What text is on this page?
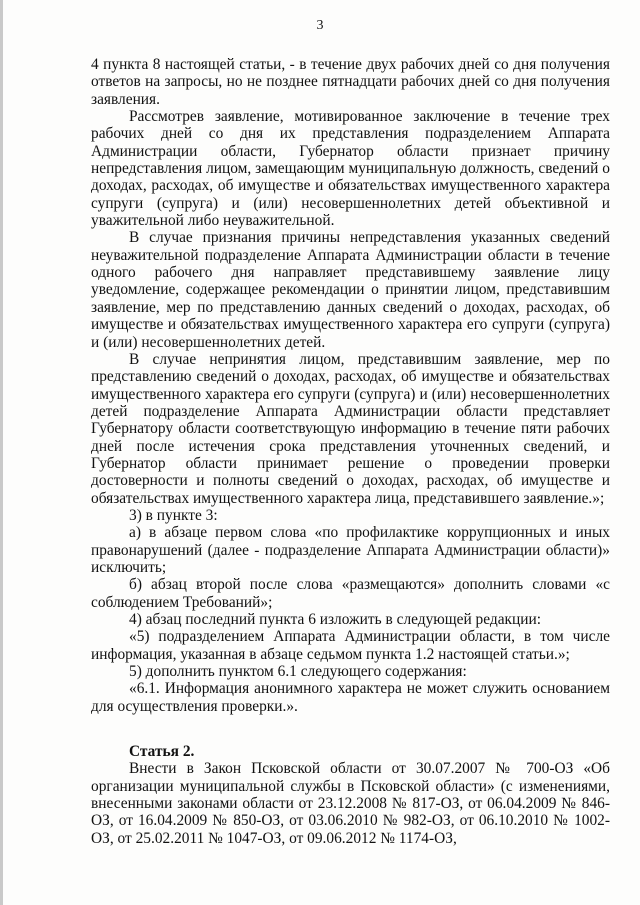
3

4 пункта 8 настоящей статьи, - в течение двух рабочих дней со дня получения ответов на запросы, но не позднее пятнадцати рабочих дней со дня получения заявления.

Рассмотрев заявление, мотивированное заключение в течение трех рабочих дней со дня их представления подразделением Аппарата Администрации области, Губернатор области признает причину непредставления лицом, замещающим муниципальную должность, сведений о доходах, расходах, об имуществе и обязательствах имущественного характера супруги (супруга) и (или) несовершеннолетних детей объективной и уважительной либо неуважительной.

В случае признания причины непредставления указанных сведений неуважительной подразделение Аппарата Администрации области в течение одного рабочего дня направляет представившему заявление лицу уведомление, содержащее рекомендации о принятии лицом, представившим заявление, мер по представлению данных сведений о доходах, расходах, об имуществе и обязательствах имущественного характера его супруги (супруга) и (или) несовершеннолетних детей.

В случае непринятия лицом, представившим заявление, мер по представлению сведений о доходах, расходах, об имуществе и обязательствах имущественного характера его супруги (супруга) и (или) несовершеннолетних детей подразделение Аппарата Администрации области представляет Губернатору области соответствующую информацию в течение пяти рабочих дней после истечения срока представления уточненных сведений, и Губернатор области принимает решение о проведении проверки достоверности и полноты сведений о доходах, расходах, об имуществе и обязательствах имущественного характера лица, представившего заявление.»;

3) в пункте 3:

а) в абзаце первом слова «по профилактике коррупционных и иных правонарушений (далее - подразделение Аппарата Администрации области)» исключить;

б) абзац второй после слова «размещаются» дополнить словами «с соблюдением Требований»;

4) абзац последний пункта 6 изложить в следующей редакции:

«5) подразделением Аппарата Администрации области, в том числе информация, указанная в абзаце седьмом пункта 1.2 настоящей статьи.»;

5) дополнить пунктом 6.1 следующего содержания:

«6.1. Информация анонимного характера не может служить основанием для осуществления проверки.».

Статья 2.

Внести в Закон Псковской области от 30.07.2007 № 700-ОЗ «Об организации муниципальной службы в Псковской области» (с изменениями, внесенными законами области от 23.12.2008 № 817-ОЗ, от 06.04.2009 № 846-ОЗ, от 16.04.2009 № 850-ОЗ, от 03.06.2010 № 982-ОЗ, от 06.10.2010 № 1002-ОЗ, от 25.02.2011 № 1047-ОЗ, от 09.06.2012 № 1174-ОЗ,
